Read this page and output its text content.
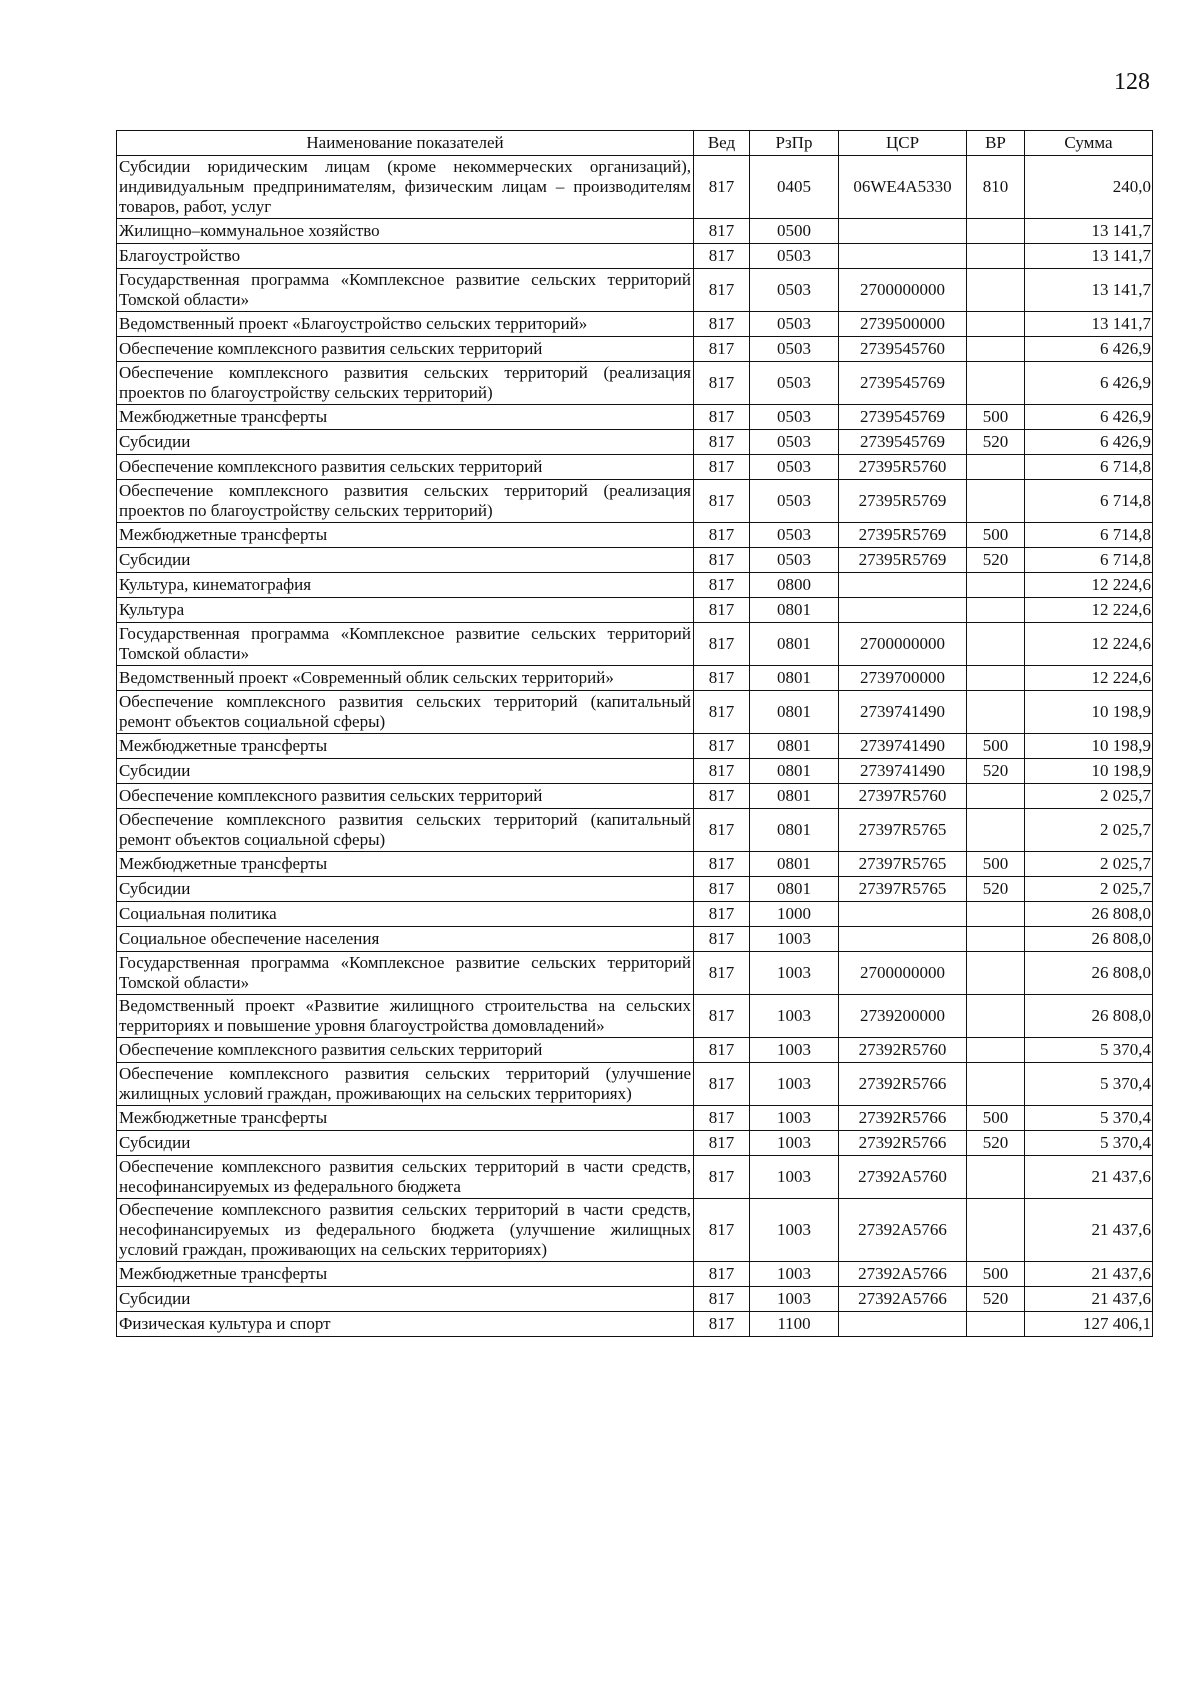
128
Наименование показателей	Вед	РзПр	ЦСР	ВР	Сумма
Субсидии юридическим лицам (кроме некоммерческих организаций), индивидуальным предпринимателям, физическим лицам – производителям товаров, работ, услуг	817	0405	06WE4A5330	810	240,0
Жилищно–коммунальное хозяйство	817	0500			13 141,7
Благоустройство	817	0503			13 141,7
Государственная программа «Комплексное развитие сельских территорий Томской области»	817	0503	2700000000		13 141,7
Ведомственный проект «Благоустройство сельских территорий»	817	0503	2739500000		13 141,7
Обеспечение комплексного развития сельских территорий	817	0503	2739545760		6 426,9
Обеспечение комплексного развития сельских территорий (реализация проектов по благоустройству сельских территорий)	817	0503	2739545769		6 426,9
Межбюджетные трансферты	817	0503	2739545769	500	6 426,9
Субсидии	817	0503	2739545769	520	6 426,9
Обеспечение комплексного развития сельских территорий	817	0503	27395R5760		6 714,8
Обеспечение комплексного развития сельских территорий (реализация проектов по благоустройству сельских территорий)	817	0503	27395R5769		6 714,8
Межбюджетные трансферты	817	0503	27395R5769	500	6 714,8
Субсидии	817	0503	27395R5769	520	6 714,8
Культура, кинематография	817	0800			12 224,6
Культура	817	0801			12 224,6
Государственная программа «Комплексное развитие сельских территорий Томской области»	817	0801	2700000000		12 224,6
Ведомственный проект «Современный облик сельских территорий»	817	0801	2739700000		12 224,6
Обеспечение комплексного развития сельских территорий (капитальный ремонт объектов социальной сферы)	817	0801	2739741490		10 198,9
Межбюджетные трансферты	817	0801	2739741490	500	10 198,9
Субсидии	817	0801	2739741490	520	10 198,9
Обеспечение комплексного развития сельских территорий	817	0801	27397R5760		2 025,7
Обеспечение комплексного развития сельских территорий (капитальный ремонт объектов социальной сферы)	817	0801	27397R5765		2 025,7
Межбюджетные трансферты	817	0801	27397R5765	500	2 025,7
Субсидии	817	0801	27397R5765	520	2 025,7
Социальная политика	817	1000			26 808,0
Социальное обеспечение населения	817	1003			26 808,0
Государственная программа «Комплексное развитие сельских территорий Томской области»	817	1003	2700000000		26 808,0
Ведомственный проект «Развитие жилищного строительства на сельских территориях и повышение уровня благоустройства домовладений»	817	1003	2739200000		26 808,0
Обеспечение комплексного развития сельских территорий	817	1003	27392R5760		5 370,4
Обеспечение комплексного развития сельских территорий (улучшение жилищных условий граждан, проживающих на сельских территориях)	817	1003	27392R5766		5 370,4
Межбюджетные трансферты	817	1003	27392R5766	500	5 370,4
Субсидии	817	1003	27392R5766	520	5 370,4
Обеспечение комплексного развития сельских территорий в части средств, несофинансируемых из федерального бюджета	817	1003	27392A5760		21 437,6
Обеспечение комплексного развития сельских территорий в части средств, несофинансируемых из федерального бюджета (улучшение жилищных условий граждан, проживающих на сельских территориях)	817	1003	27392A5766		21 437,6
Межбюджетные трансферты	817	1003	27392A5766	500	21 437,6
Субсидии	817	1003	27392A5766	520	21 437,6
Физическая культура и спорт	817	1100			127 406,1
